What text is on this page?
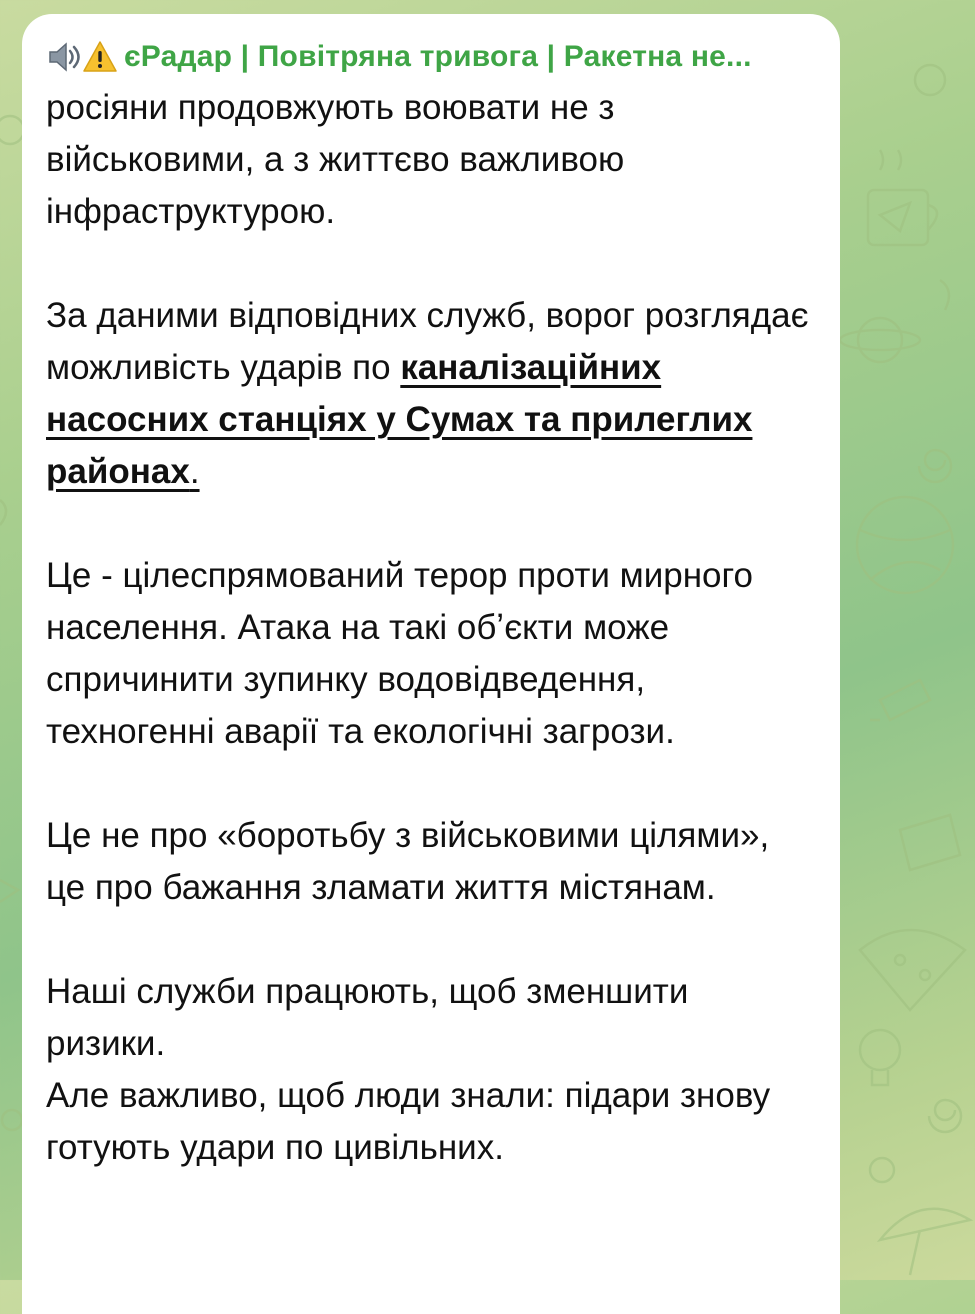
єРадар | Повітряна тривога | Ракетна не...

росіяни продовжують воювати не з військовими, а з життєво важливою інфраструктурою.

За даними відповідних служб, ворог розглядає можливість ударів по каналізаційних насосних станціях у Сумах та прилеглих районах.

Це - цілеспрямований терор проти мирного населення. Атака на такі обʼєкти може спричинити зупинку водовідведення, техногенні аварії та екологічні загрози.

Це не про «боротьбу з військовими цілями», це про бажання зламати життя містянам.

Наші служби працюють, щоб зменшити ризики.

Але важливо, щоб люди знали: підари знову готують удари по цивільних.
